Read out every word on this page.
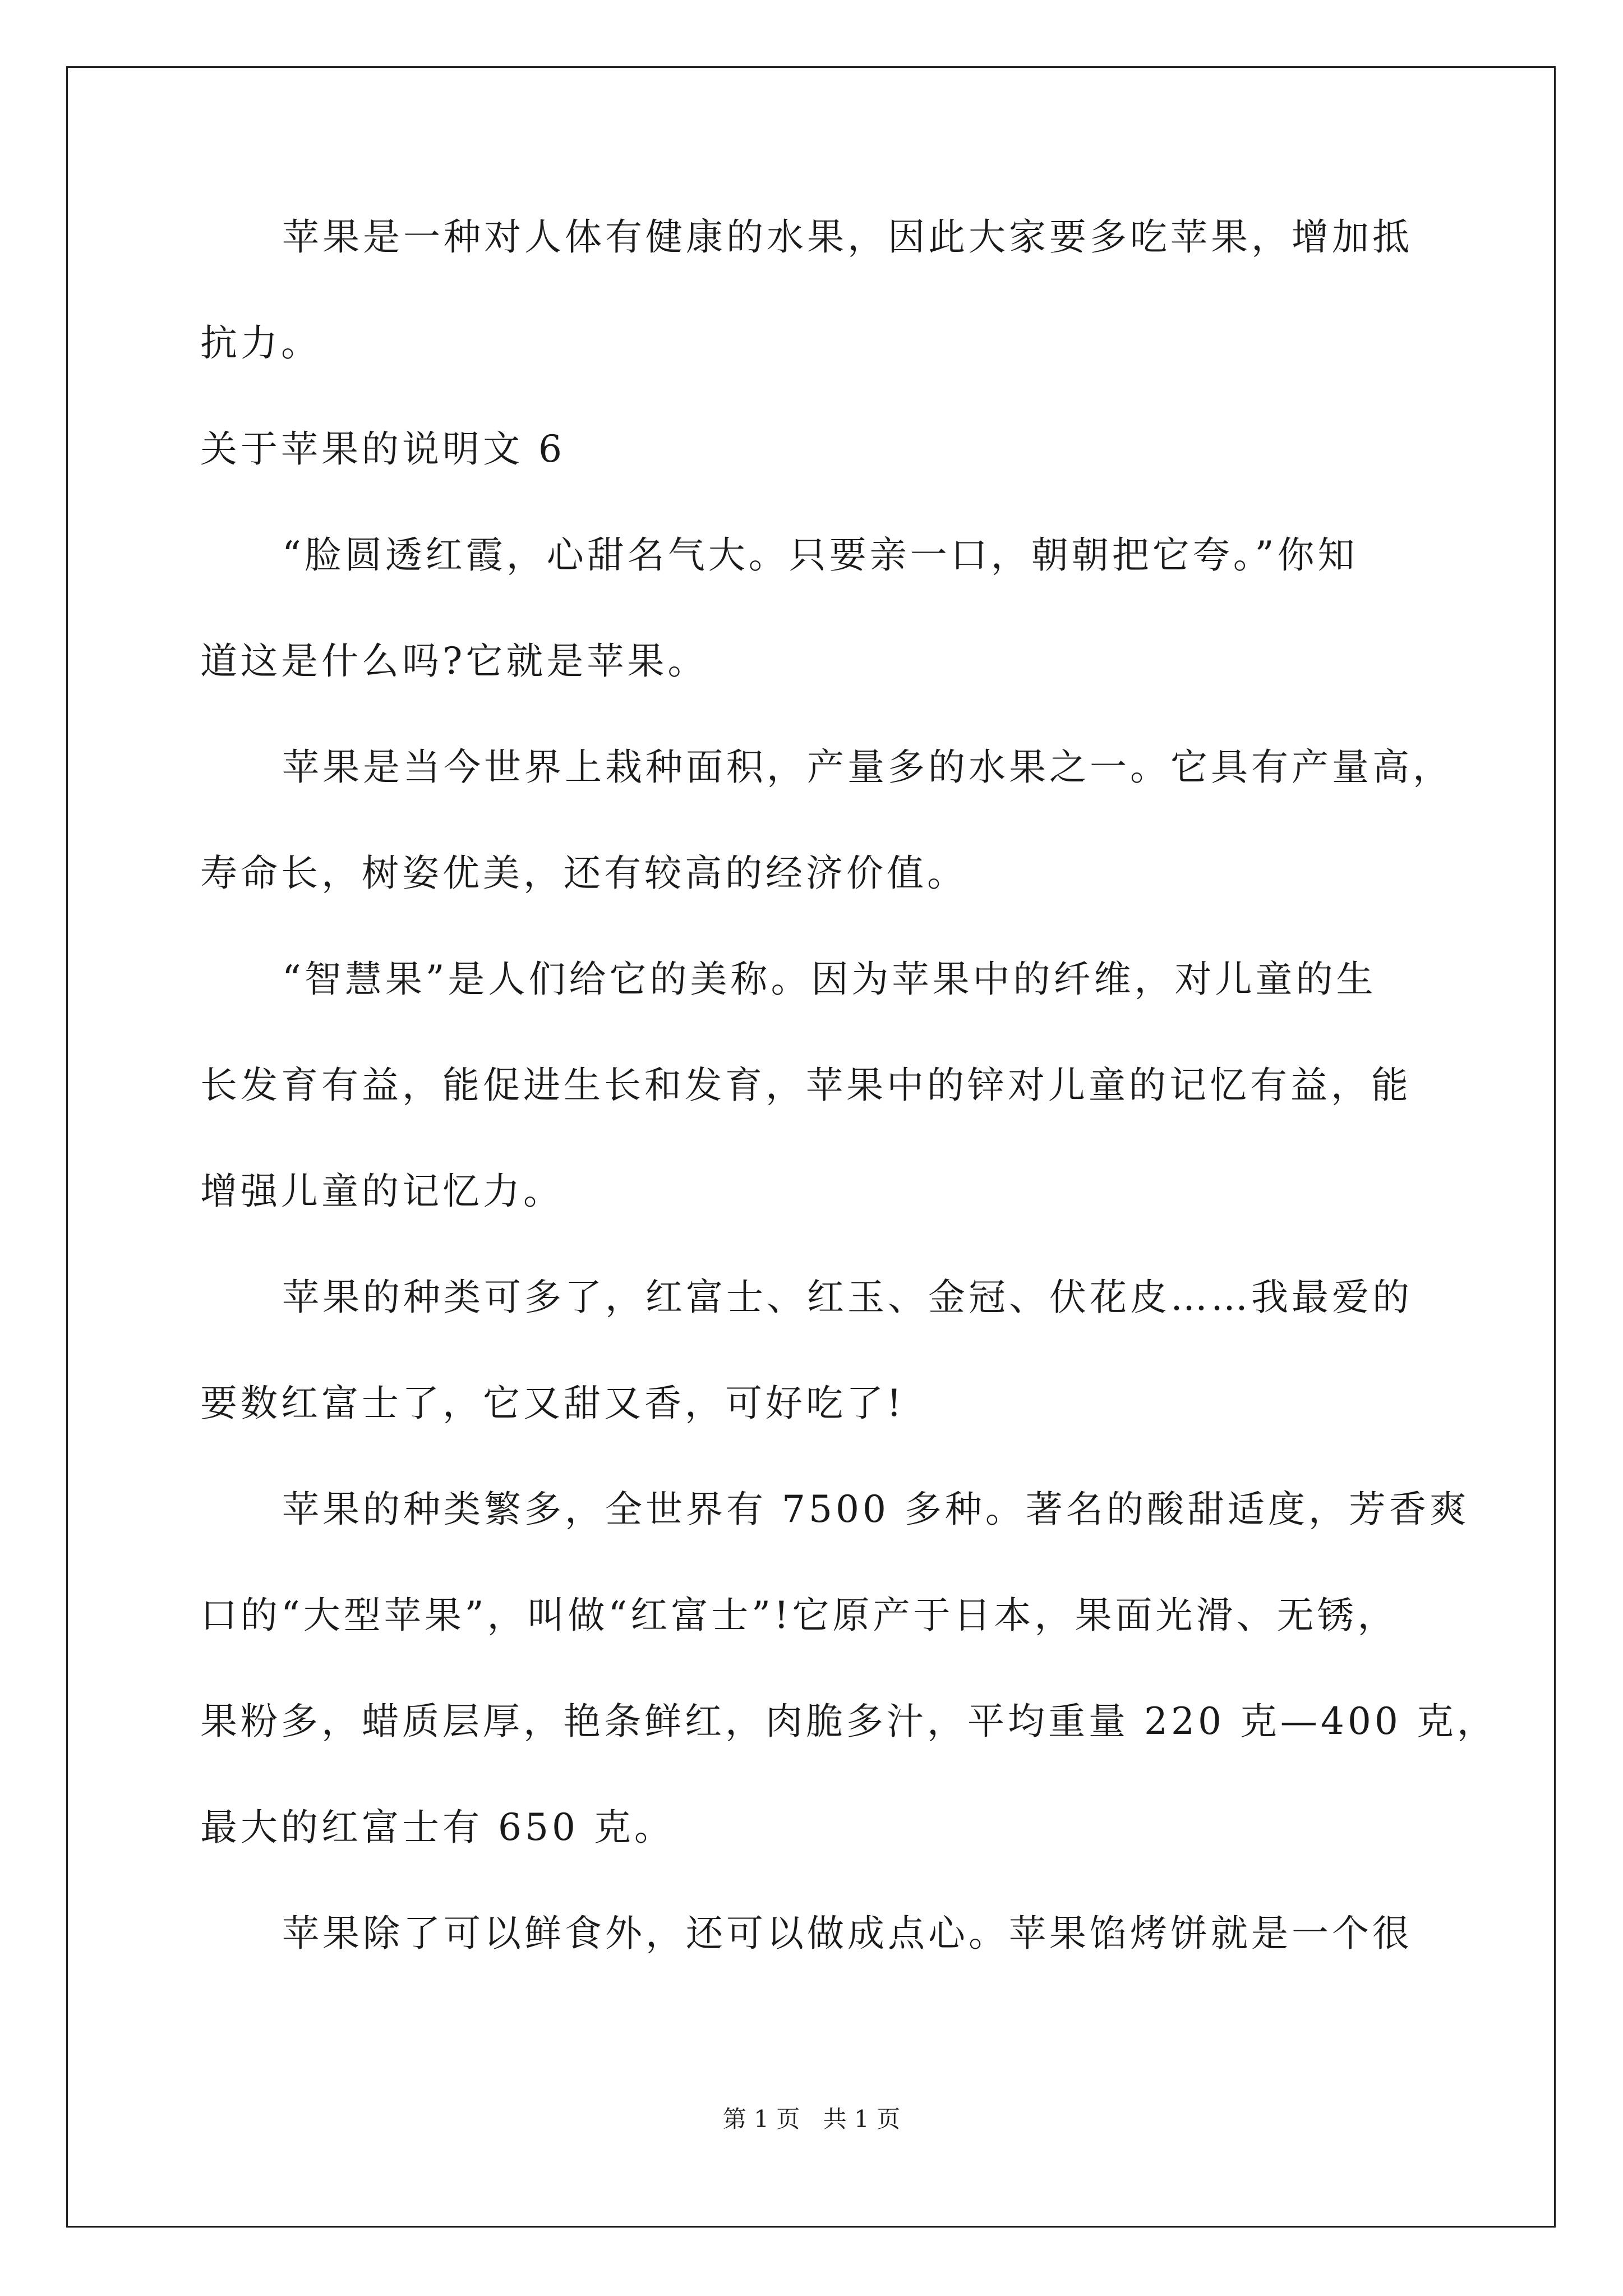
苹果是一种对人体有健康的水果，因此大家要多吃苹果，增加抵
抗力。
关于苹果的说明文 6
“脸圆透红霞，心甜名气大。只要亲一口，朝朝把它夸。”你知
道这是什么吗?它就是苹果。
苹果是当今世界上栽种面积，产量多的水果之一。它具有产量高，
寿命长，树姿优美，还有较高的经济价值。
“智慧果”是人们给它的美称。因为苹果中的纤维，对儿童的生
长发育有益，能促进生长和发育，苹果中的锌对儿童的记忆有益，能
增强儿童的记忆力。
苹果的种类可多了，红富士、红玉、金冠、伏花皮……我最爱的
要数红富士了，它又甜又香，可好吃了!
苹果的种类繁多，全世界有 7500 多种。著名的酸甜适度，芳香爽
口的“大型苹果”，叫做“红富士”!它原产于日本，果面光滑、无锈，
果粉多，蜡质层厚，艳条鲜红，肉脆多汁，平均重量 220 克—400 克，
最大的红富士有 650 克。
苹果除了可以鲜食外，还可以做成点心。苹果馅烤饼就是一个很
第 1 页 共 1 页
